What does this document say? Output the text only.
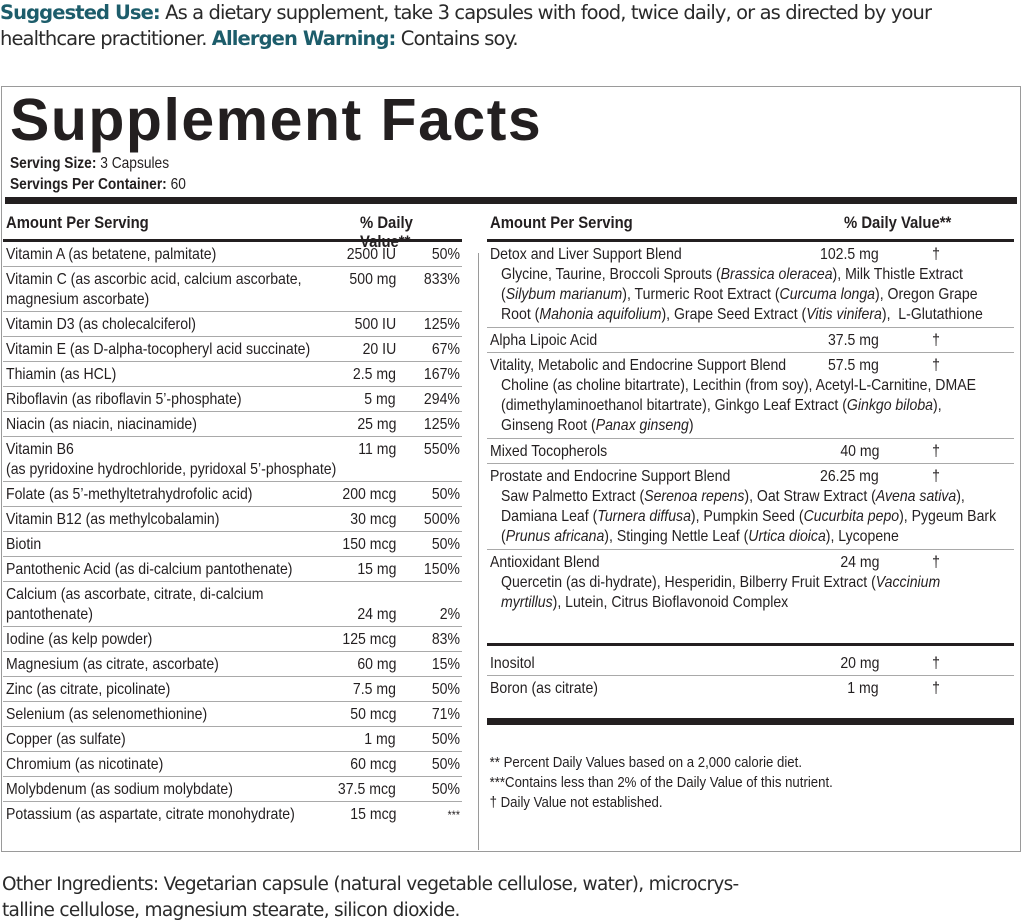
Suggested Use: As a dietary supplement, take 3 capsules with food, twice daily, or as directed by your healthcare practitioner. Allergen Warning: Contains soy.
Supplement Facts
Serving Size: 3 Capsules
Servings Per Container: 60
Amount Per Serving	% Daily Value**
Vitamin A (as betatene, palmitate)	2500 IU 50%
Vitamin C (as ascorbic acid, calcium ascorbate,
magnesium ascorbate)
500 mg 833%
Vitamin D3 (as cholecalciferol)	500 IU 125%
Vitamin E (as D-alpha-tocopheryl acid succinate)	20 IU 67%
Thiamin (as HCL)	2.5 mg 167%
Riboflavin (as riboflavin 5’-phosphate)	5 mg 294%
Niacin (as niacin, niacinamide)	25 mg 125%
Vitamin B6
(as pyridoxine hydrochloride, pyridoxal 5’-phosphate)
11 mg 550%
Folate (as 5’-methyltetrahydrofolic acid)	200 mcg 50%
Vitamin B12 (as methylcobalamin)	30 mcg 500%
Biotin	150 mcg 50%
Pantothenic Acid (as di-calcium pantothenate)	15 mg 150%
Calcium (as ascorbate, citrate, di-calcium
pantothenate)	24 mg	2%
Iodine (as kelp powder)	125 mcg 83%
Magnesium (as citrate, ascorbate)	60 mg 15%
Zinc (as citrate, picolinate)	7.5 mg 50%
Selenium (as selenomethionine)	50 mcg 71%
Copper (as sulfate)	1 mg 50%
Chromium (as nicotinate)	60 mcg 50%
Molybdenum (as sodium molybdate)	37.5 mcg 50%
Potassium (as aspartate, citrate monohydrate)	15 mcg	***
Amount Per Serving	% Daily Value**
Detox and Liver Support Blend	102.5 mg	†
Glycine, Taurine, Broccoli Sprouts (Brassica oleracea), Milk Thistle Extract
(Silybum marianum), Turmeric Root Extract (Curcuma longa), Oregon Grape
Root (Mahonia aquifolium), Grape Seed Extract (Vitis vinifera),  L-Glutathione
Alpha Lipoic Acid	37.5 mg	†
Vitality, Metabolic and Endocrine Support Blend	57.5 mg	†
Choline (as choline bitartrate), Lecithin (from soy), Acetyl-L-Carnitine, DMAE
(dimethylaminoethanol bitartrate), Ginkgo Leaf Extract (Ginkgo biloba),
Ginseng Root (Panax ginseng)
Mixed Tocopherols	40 mg	†
Prostate and Endocrine Support Blend	26.25 mg	†
Saw Palmetto Extract (Serenoa repens), Oat Straw Extract (Avena sativa),
Damiana Leaf (Turnera diffusa), Pumpkin Seed (Cucurbita pepo), Pygeum Bark
(Prunus africana), Stinging Nettle Leaf (Urtica dioica), Lycopene
Antioxidant Blend	24 mg	†
Quercetin (as di-hydrate), Hesperidin, Bilberry Fruit Extract (Vaccinium
myrtillus), Lutein, Citrus Bioflavonoid Complex
Inositol	20 mg	†
Boron (as citrate)	1 mg	†
** Percent Daily Values based on a 2,000 calorie diet.
***Contains less than 2% of the Daily Value of this nutrient.
† Daily Value not established.
Other Ingredients: Vegetarian capsule (natural vegetable cellulose, water), microcrys-
talline cellulose, magnesium stearate, silicon dioxide.
